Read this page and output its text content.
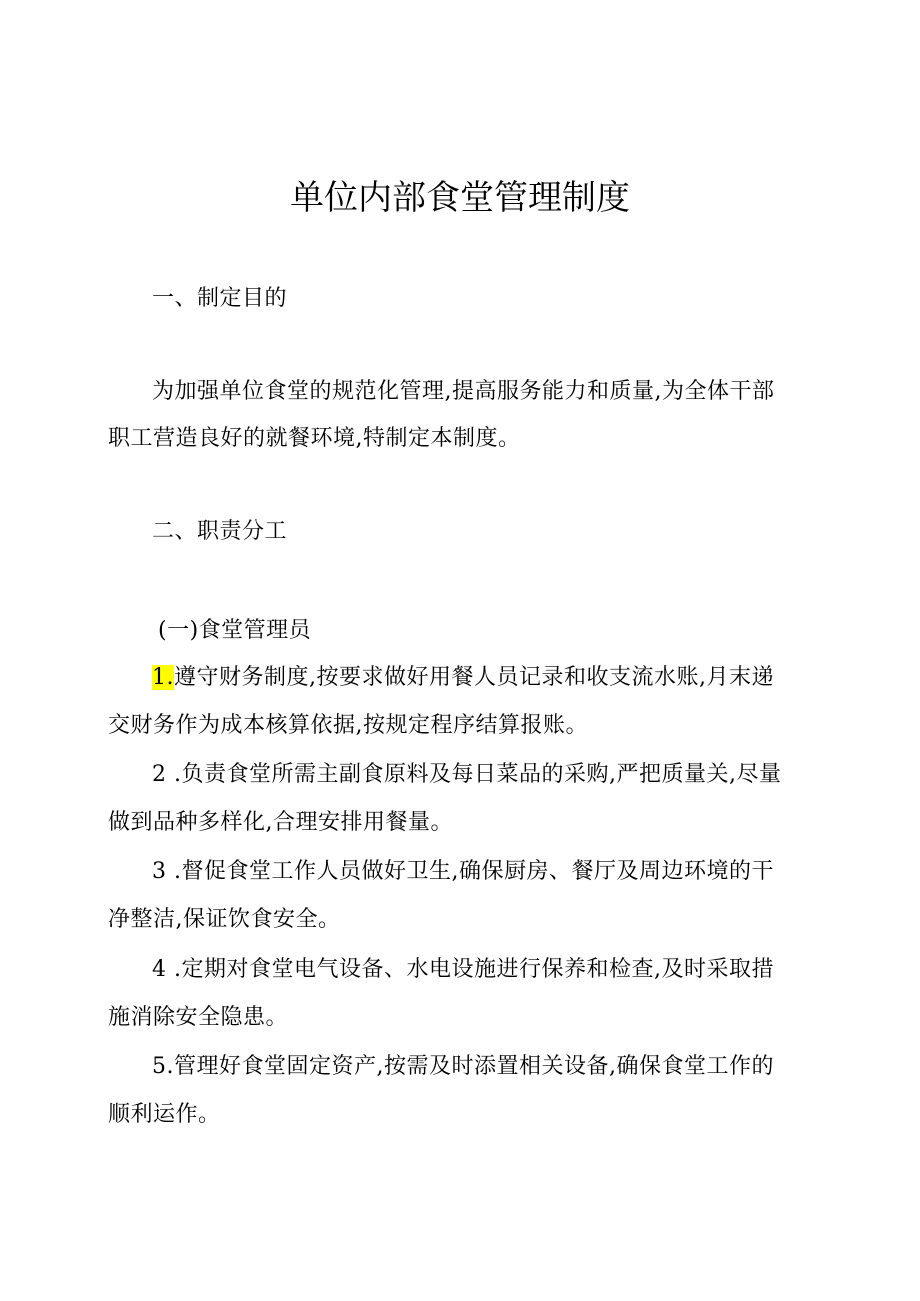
单位内部食堂管理制度
一、制定目的
为加强单位食堂的规范化管理,提高服务能力和质量,为全体干部
职工营造良好的就餐环境,特制定本制度。
二、职责分工
(一)食堂管理员
1.遵守财务制度,按要求做好用餐人员记录和收支流水账,月末递
交财务作为成本核算依据,按规定程序结算报账。
2 .负责食堂所需主副食原料及每日菜品的采购,严把质量关,尽量
做到品种多样化,合理安排用餐量。
3 .督促食堂工作人员做好卫生,确保厨房、餐厅及周边环境的干
净整洁,保证饮食安全。
4 .定期对食堂电气设备、水电设施进行保养和检查,及时采取措
施消除安全隐患。
5.管理好食堂固定资产,按需及时添置相关设备,确保食堂工作的
顺利运作。
